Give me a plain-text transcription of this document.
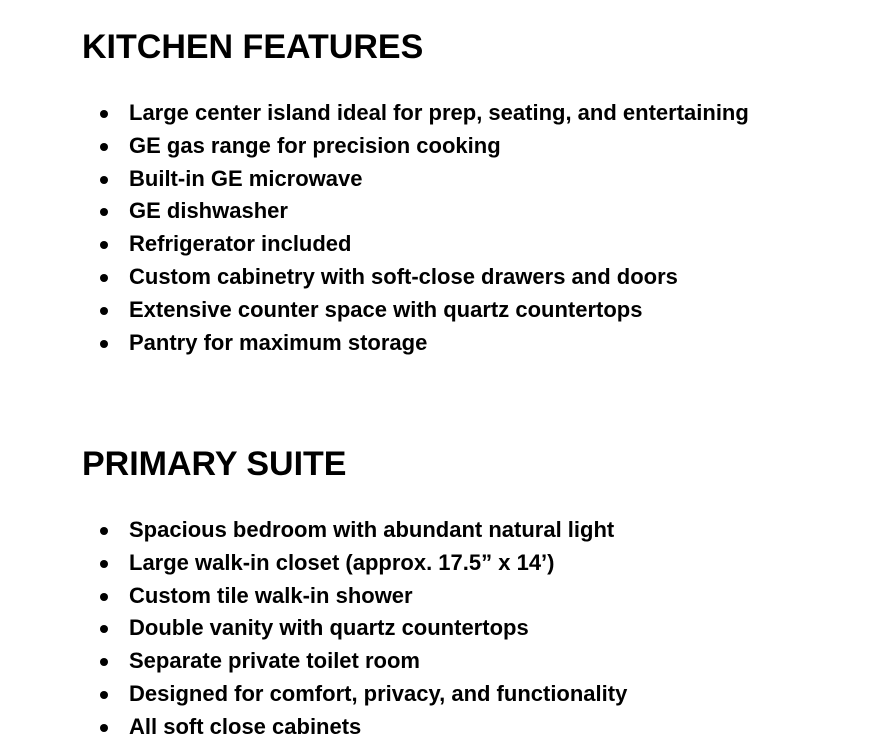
KITCHEN FEATURES
Large center island ideal for prep, seating, and entertaining
GE gas range for precision cooking
Built-in GE microwave
GE dishwasher
Refrigerator included
Custom cabinetry with soft-close drawers and doors
Extensive counter space with quartz countertops
Pantry for maximum storage
PRIMARY SUITE
Spacious bedroom with abundant natural light
Large walk-in closet (approx. 17.5” x 14’)
Custom tile walk-in shower
Double vanity with quartz countertops
Separate private toilet room
Designed for comfort, privacy, and functionality
All soft close cabinets
